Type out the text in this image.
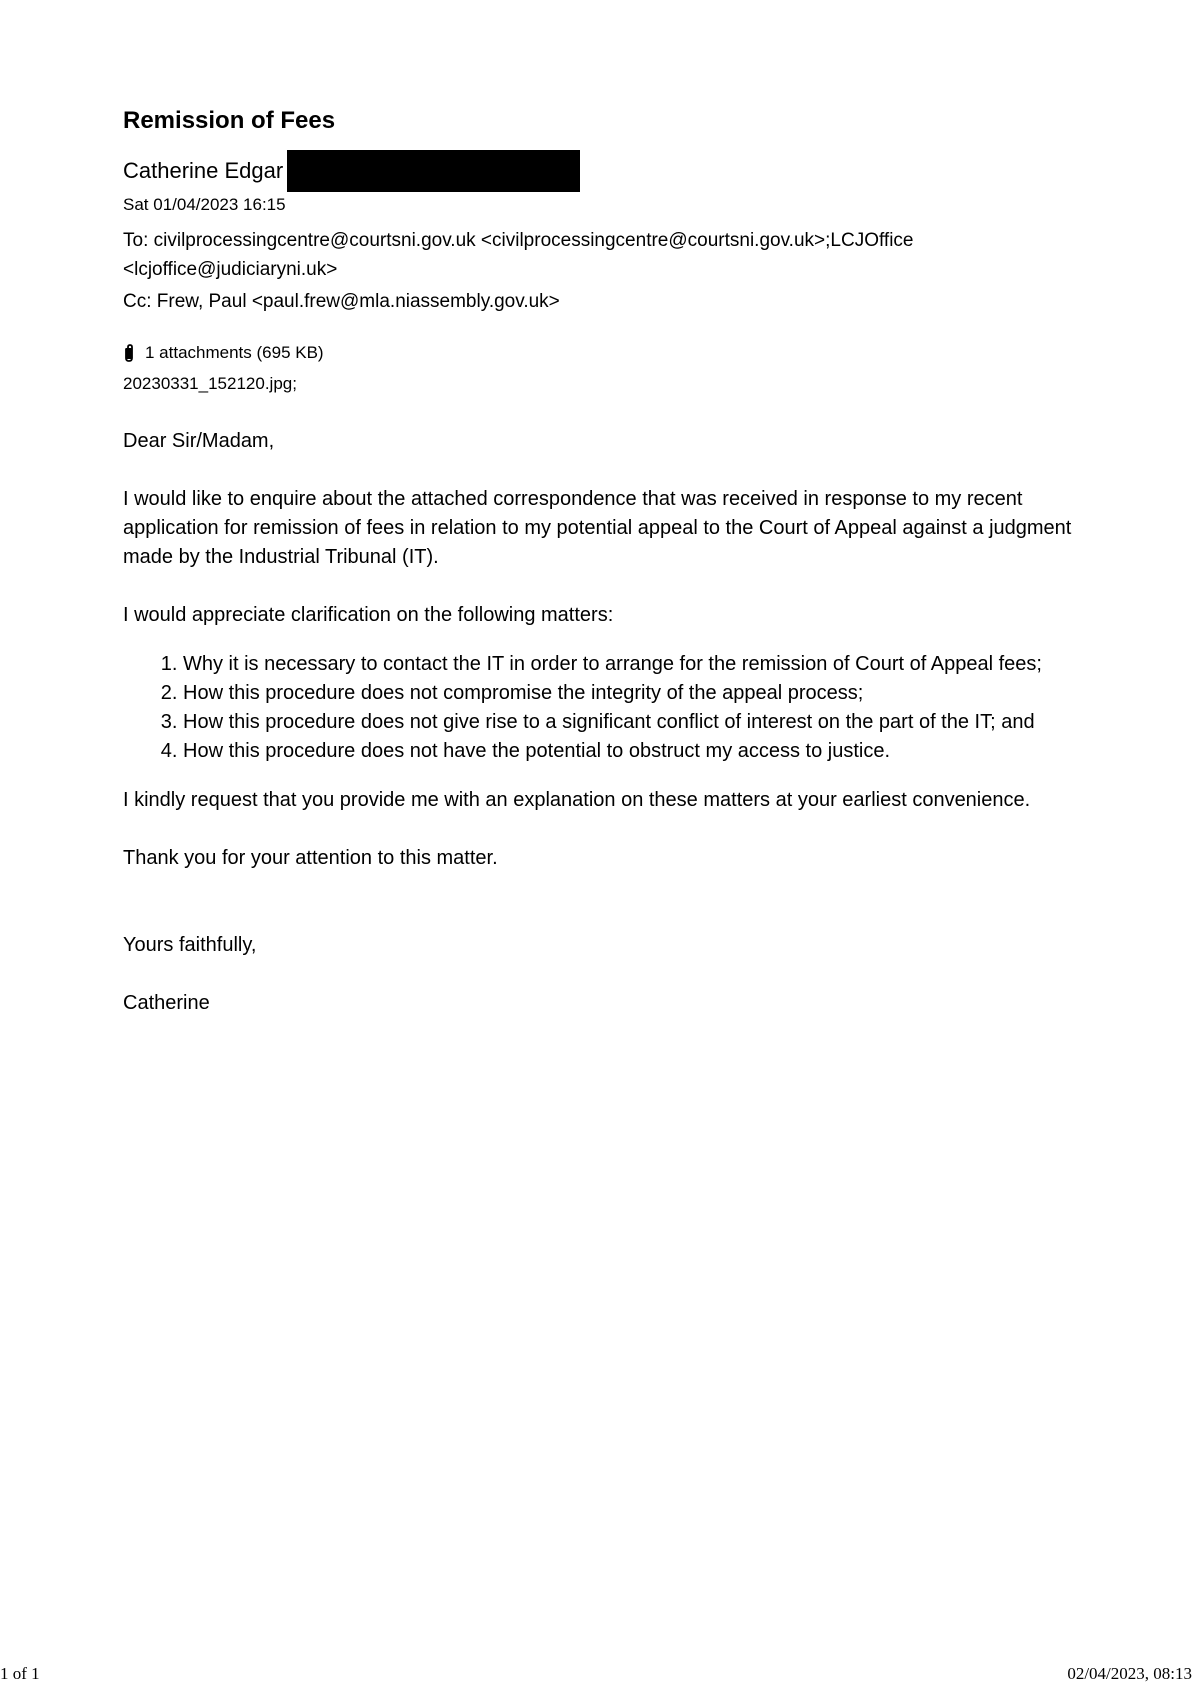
Remission of Fees
Catherine Edgar
Sat 01/04/2023 16:15
To: civilprocessingcentre@courtsni.gov.uk <civilprocessingcentre@courtsni.gov.uk>;LCJOffice
<lcjoffice@judiciaryni.uk>
Cc: Frew, Paul <paul.frew@mla.niassembly.gov.uk>
1 attachments (695 KB)
20230331_152120.jpg;
Dear Sir/Madam,
I would like to enquire about the attached correspondence that was received in response to my recent application for remission of fees in relation to my potential appeal to the Court of Appeal against a judgment made by the Industrial Tribunal (IT).
I would appreciate clarification on the following matters:
1. Why it is necessary to contact the IT in order to arrange for the remission of Court of Appeal fees;
2. How this procedure does not compromise the integrity of the appeal process;
3. How this procedure does not give rise to a significant conflict of interest on the part of the IT; and
4. How this procedure does not have the potential to obstruct my access to justice.
I kindly request that you provide me with an explanation on these matters at your earliest convenience.
Thank you for your attention to this matter.
Yours faithfully,
Catherine
1 of 1	02/04/2023, 08:13
